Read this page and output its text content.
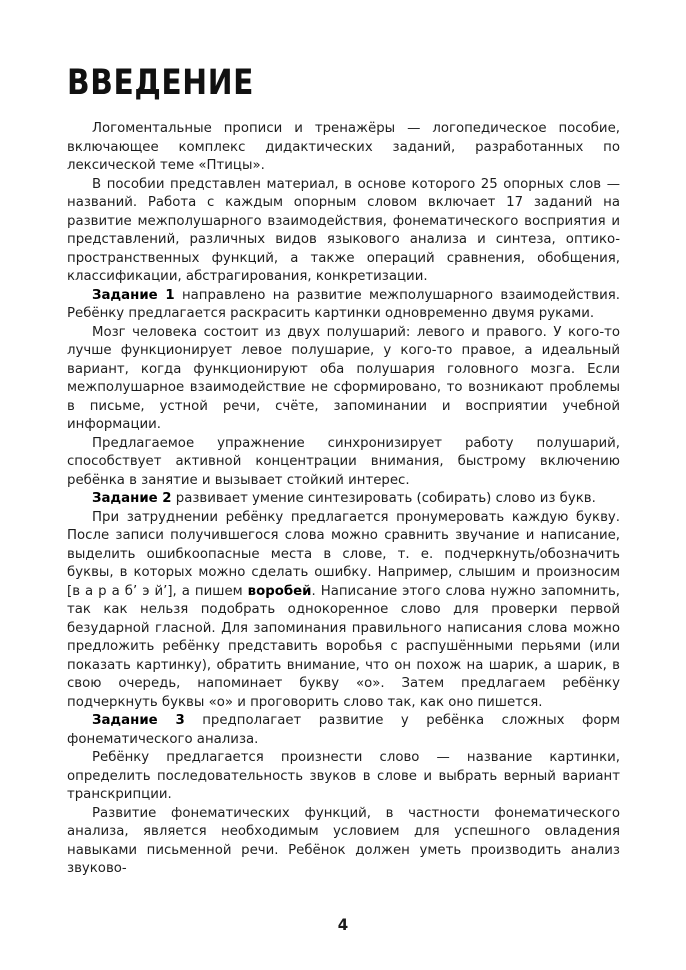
ВВЕДЕНИЕ

Логоментальные прописи и тренажёры — логопедическое пособие, включающее комплекс дидактических заданий, разработанных по лексической теме «Птицы».

В пособии представлен материал, в основе которого 25 опорных слов — названий. Работа с каждым опорным словом включает 17 заданий на развитие межполушарного взаимодействия, фонематического восприятия и представлений, различных видов языкового анализа и синтеза, оптико-пространственных функций, а также операций сравнения, обобщения, классификации, абстрагирования, конкретизации.

Задание 1 направлено на развитие межполушарного взаимодействия. Ребёнку предлагается раскрасить картинки одновременно двумя руками.

Мозг человека состоит из двух полушарий: левого и правого. У кого-то лучше функционирует левое полушарие, у кого-то правое, а идеальный вариант, когда функционируют оба полушария головного мозга. Если межполушарное взаимодействие не сформировано, то возникают проблемы в письме, устной речи, счёте, запоминании и восприятии учебной информации.

Предлагаемое упражнение синхронизирует работу полушарий, способствует активной концентрации внимания, быстрому включению ребёнка в занятие и вызывает стойкий интерес.

Задание 2 развивает умение синтезировать (собирать) слово из букв.

При затруднении ребёнку предлагается пронумеровать каждую букву. После записи получившегося слова можно сравнить звучание и написание, выделить ошибкоопасные места в слове, т. е. подчеркнуть/обозначить буквы, в которых можно сделать ошибку. Например, слышим и произносим [в а р а б’ э й’], а пишем воробей. Написание этого слова нужно запомнить, так как нельзя подобрать однокоренное слово для проверки первой безударной гласной. Для запоминания правильного написания слова можно предложить ребёнку представить воробья с распушёнными перьями (или показать картинку), обратить внимание, что он похож на шарик, а шарик, в свою очередь, напоминает букву «о». Затем предлагаем ребёнку подчеркнуть буквы «о» и проговорить слово так, как оно пишется.

Задание 3 предполагает развитие у ребёнка сложных форм фонематического анализа.

Ребёнку предлагается произнести слово — название картинки, определить последовательность звуков в слове и выбрать верный вариант транскрипции.

Развитие фонематических функций, в частности фонематического анализа, является необходимым условием для успешного овладения навыками письменной речи. Ребёнок должен уметь производить анализ звуково-

4
